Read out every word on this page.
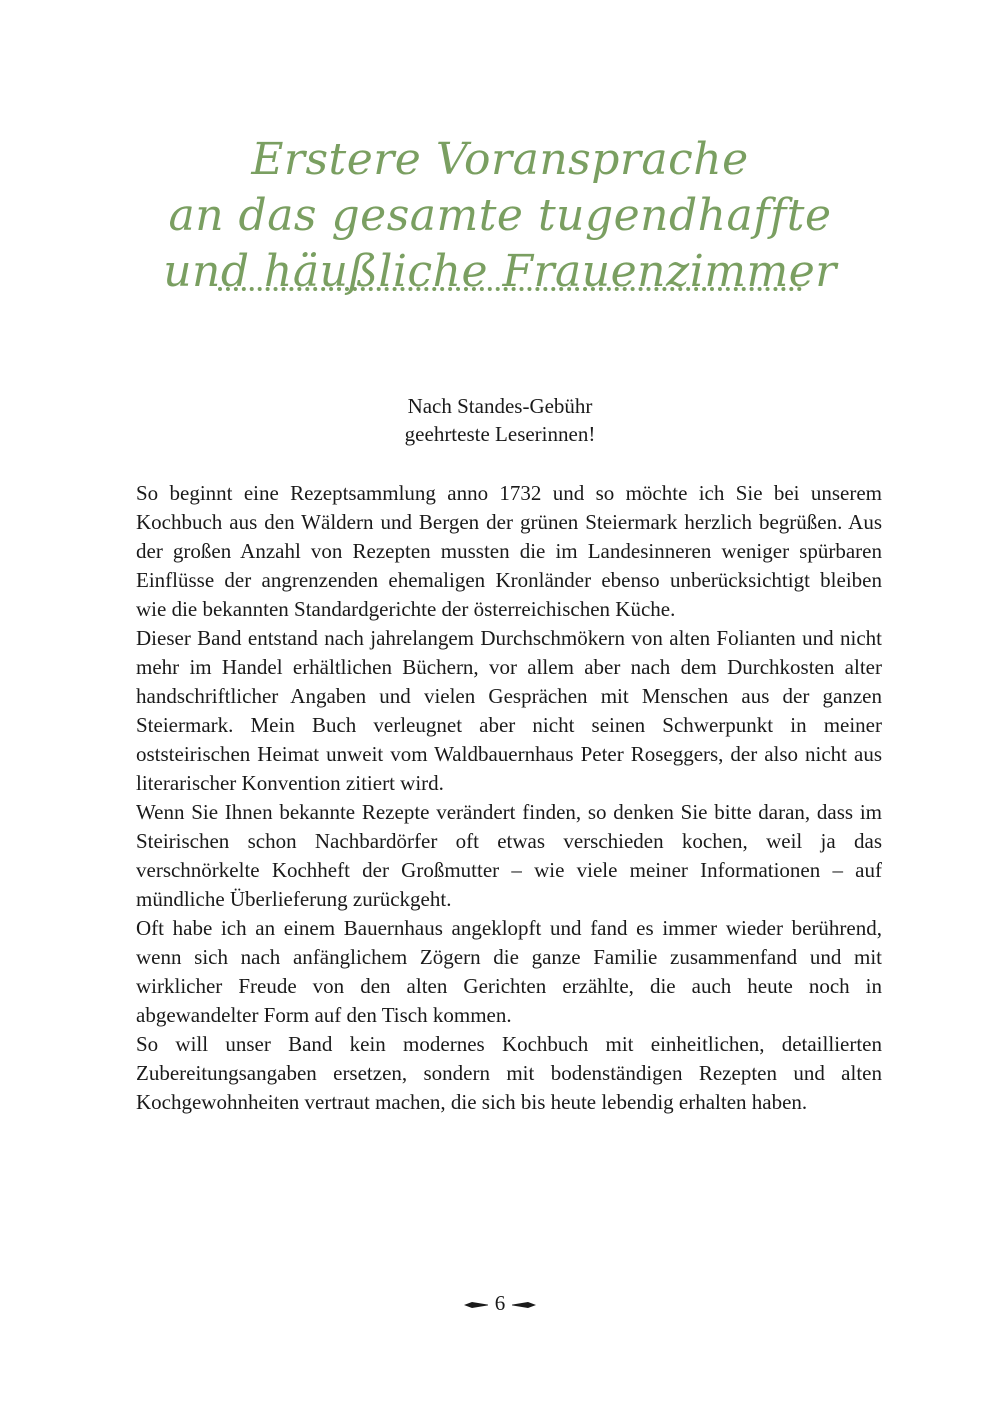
Erstere Voransprache
an das gesamte tugendhaffte
und häußliche Frauenzimmer
Nach Standes-Gebühr
geehrteste Leserinnen!

So beginnt eine Rezeptsammlung anno 1732 und so möchte ich Sie bei unserem Kochbuch aus den Wäldern und Bergen der grünen Steiermark herzlich begrüßen. Aus der großen Anzahl von Rezepten mussten die im Landesinneren weniger spürbaren Einflüsse der angrenzenden ehemaligen Kronländer ebenso unberücksichtigt bleiben wie die bekannten Standardgerichte der österreichischen Küche.

Dieser Band entstand nach jahrelangem Durchschmökern von alten Folianten und nicht mehr im Handel erhältlichen Büchern, vor allem aber nach dem Durchkosten alter handschriftlicher Angaben und vielen Gesprächen mit Menschen aus der ganzen Steiermark. Mein Buch verleugnet aber nicht seinen Schwerpunkt in meiner oststeirischen Heimat unweit vom Waldbauernhaus Peter Roseggers, der also nicht aus literarischer Konvention zitiert wird.

Wenn Sie Ihnen bekannte Rezepte verändert finden, so denken Sie bitte daran, dass im Steirischen schon Nachbardörfer oft etwas verschieden kochen, weil ja das verschnörkelte Kochheft der Großmutter – wie viele meiner Informationen – auf mündliche Überlieferung zurückgeht.

Oft habe ich an einem Bauernhaus angeklopft und fand es immer wieder berührend, wenn sich nach anfänglichem Zögern die ganze Familie zusammenfand und mit wirklicher Freude von den alten Gerichten erzählte, die auch heute noch in abgewandelter Form auf den Tisch kommen.

So will unser Band kein modernes Kochbuch mit einheitlichen, detaillierten Zubereitungsangaben ersetzen, sondern mit bodenständigen Rezepten und alten Kochgewohnheiten vertraut machen, die sich bis heute lebendig erhalten haben.

6
